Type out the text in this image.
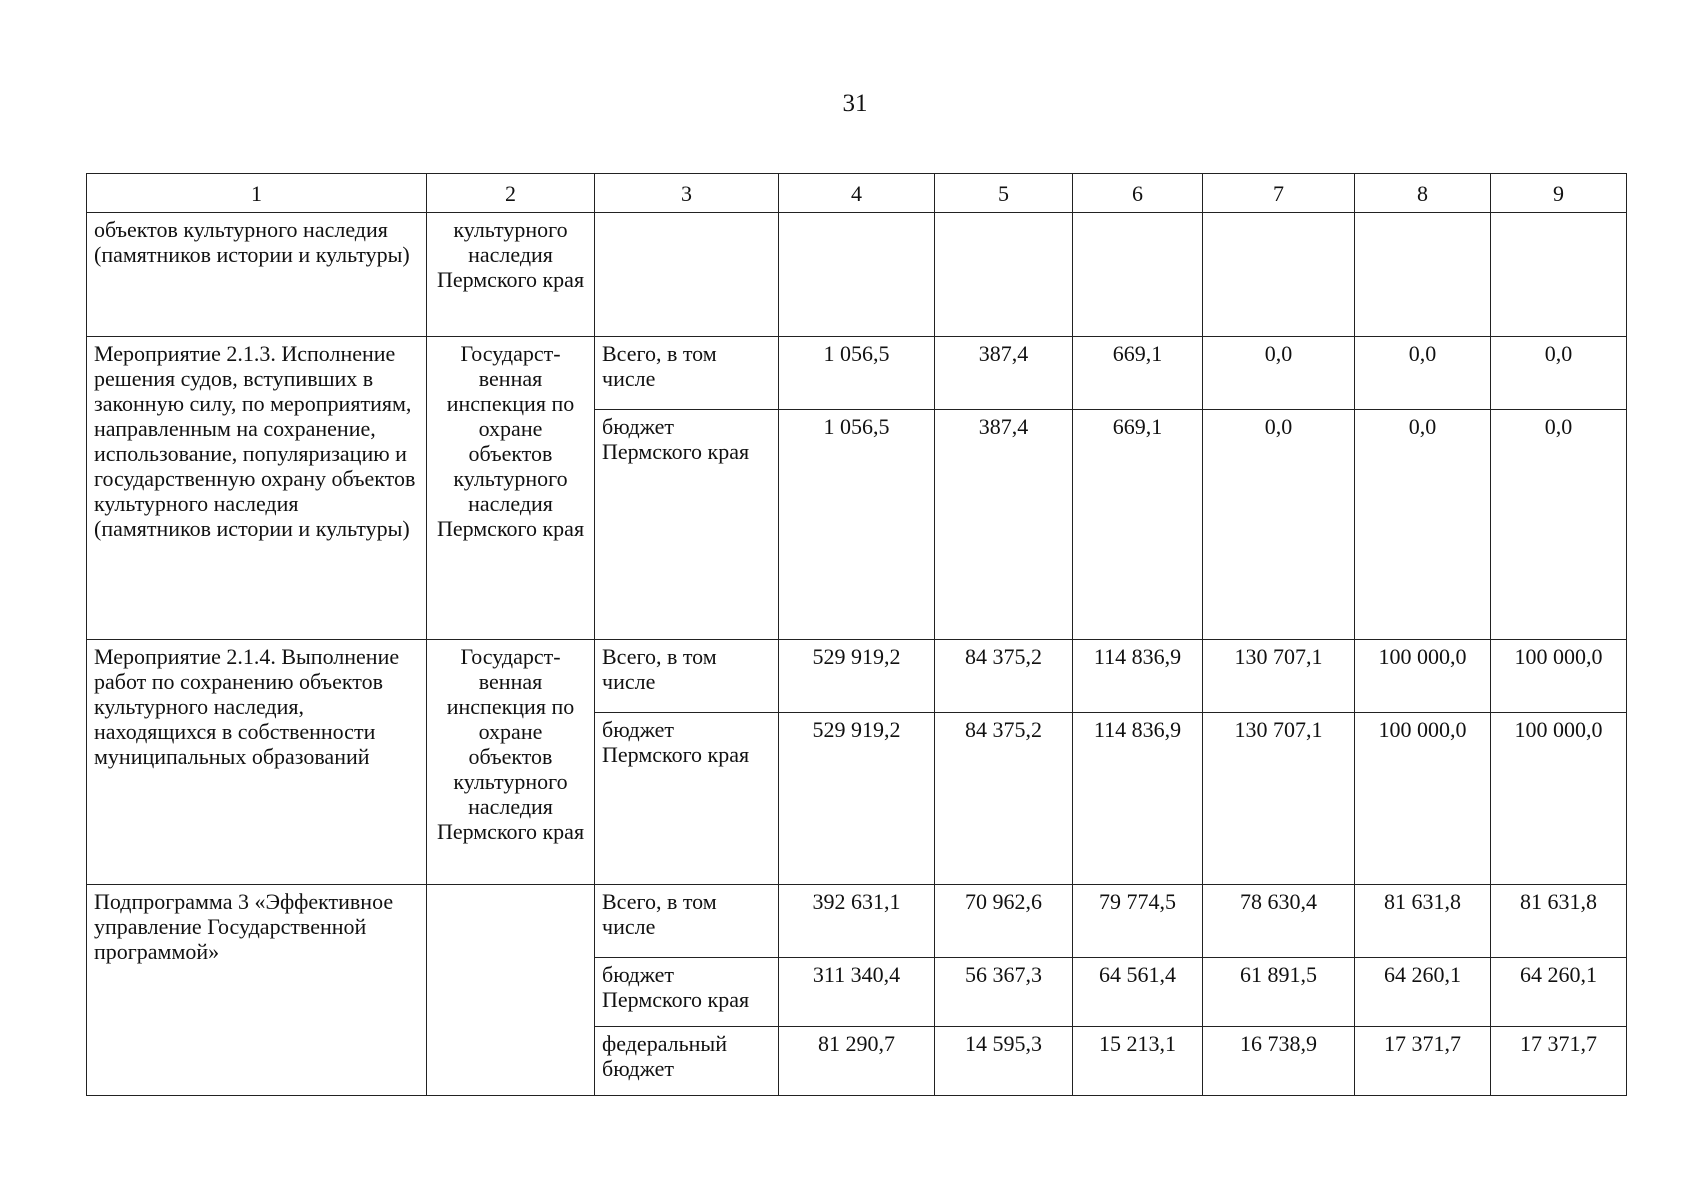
31
1	2	3	4	5	6	7	8	9
объектов культурного наследия (памятников истории и культуры)	культурного наследия Пермского края							
Мероприятие 2.1.3. Исполнение решения судов, вступивших в законную силу, по мероприятиям, направленным на сохранение, использование, популяризацию и государственную охрану объектов культурного наследия (памятников истории и культуры)	Государст-венная инспекция по охране объектов культурного наследия Пермского края	Всего, в том числе	1 056,5	387,4	669,1	0,0	0,0	0,0
		бюджет Пермского края	1 056,5	387,4	669,1	0,0	0,0	0,0
Мероприятие 2.1.4. Выполнение работ по сохранению объектов культурного наследия, находящихся в собственности муниципальных образований	Государст-венная инспекция по охране объектов культурного наследия Пермского края	Всего, в том числе	529 919,2	84 375,2	114 836,9	130 707,1	100 000,0	100 000,0
		бюджет Пермского края	529 919,2	84 375,2	114 836,9	130 707,1	100 000,0	100 000,0
Подпрограмма 3 «Эффективное управление Государственной программой»		Всего, в том числе	392 631,1	70 962,6	79 774,5	78 630,4	81 631,8	81 631,8
		бюджет Пермского края	311 340,4	56 367,3	64 561,4	61 891,5	64 260,1	64 260,1
		федеральный бюджет	81 290,7	14 595,3	15 213,1	16 738,9	17 371,7	17 371,7
